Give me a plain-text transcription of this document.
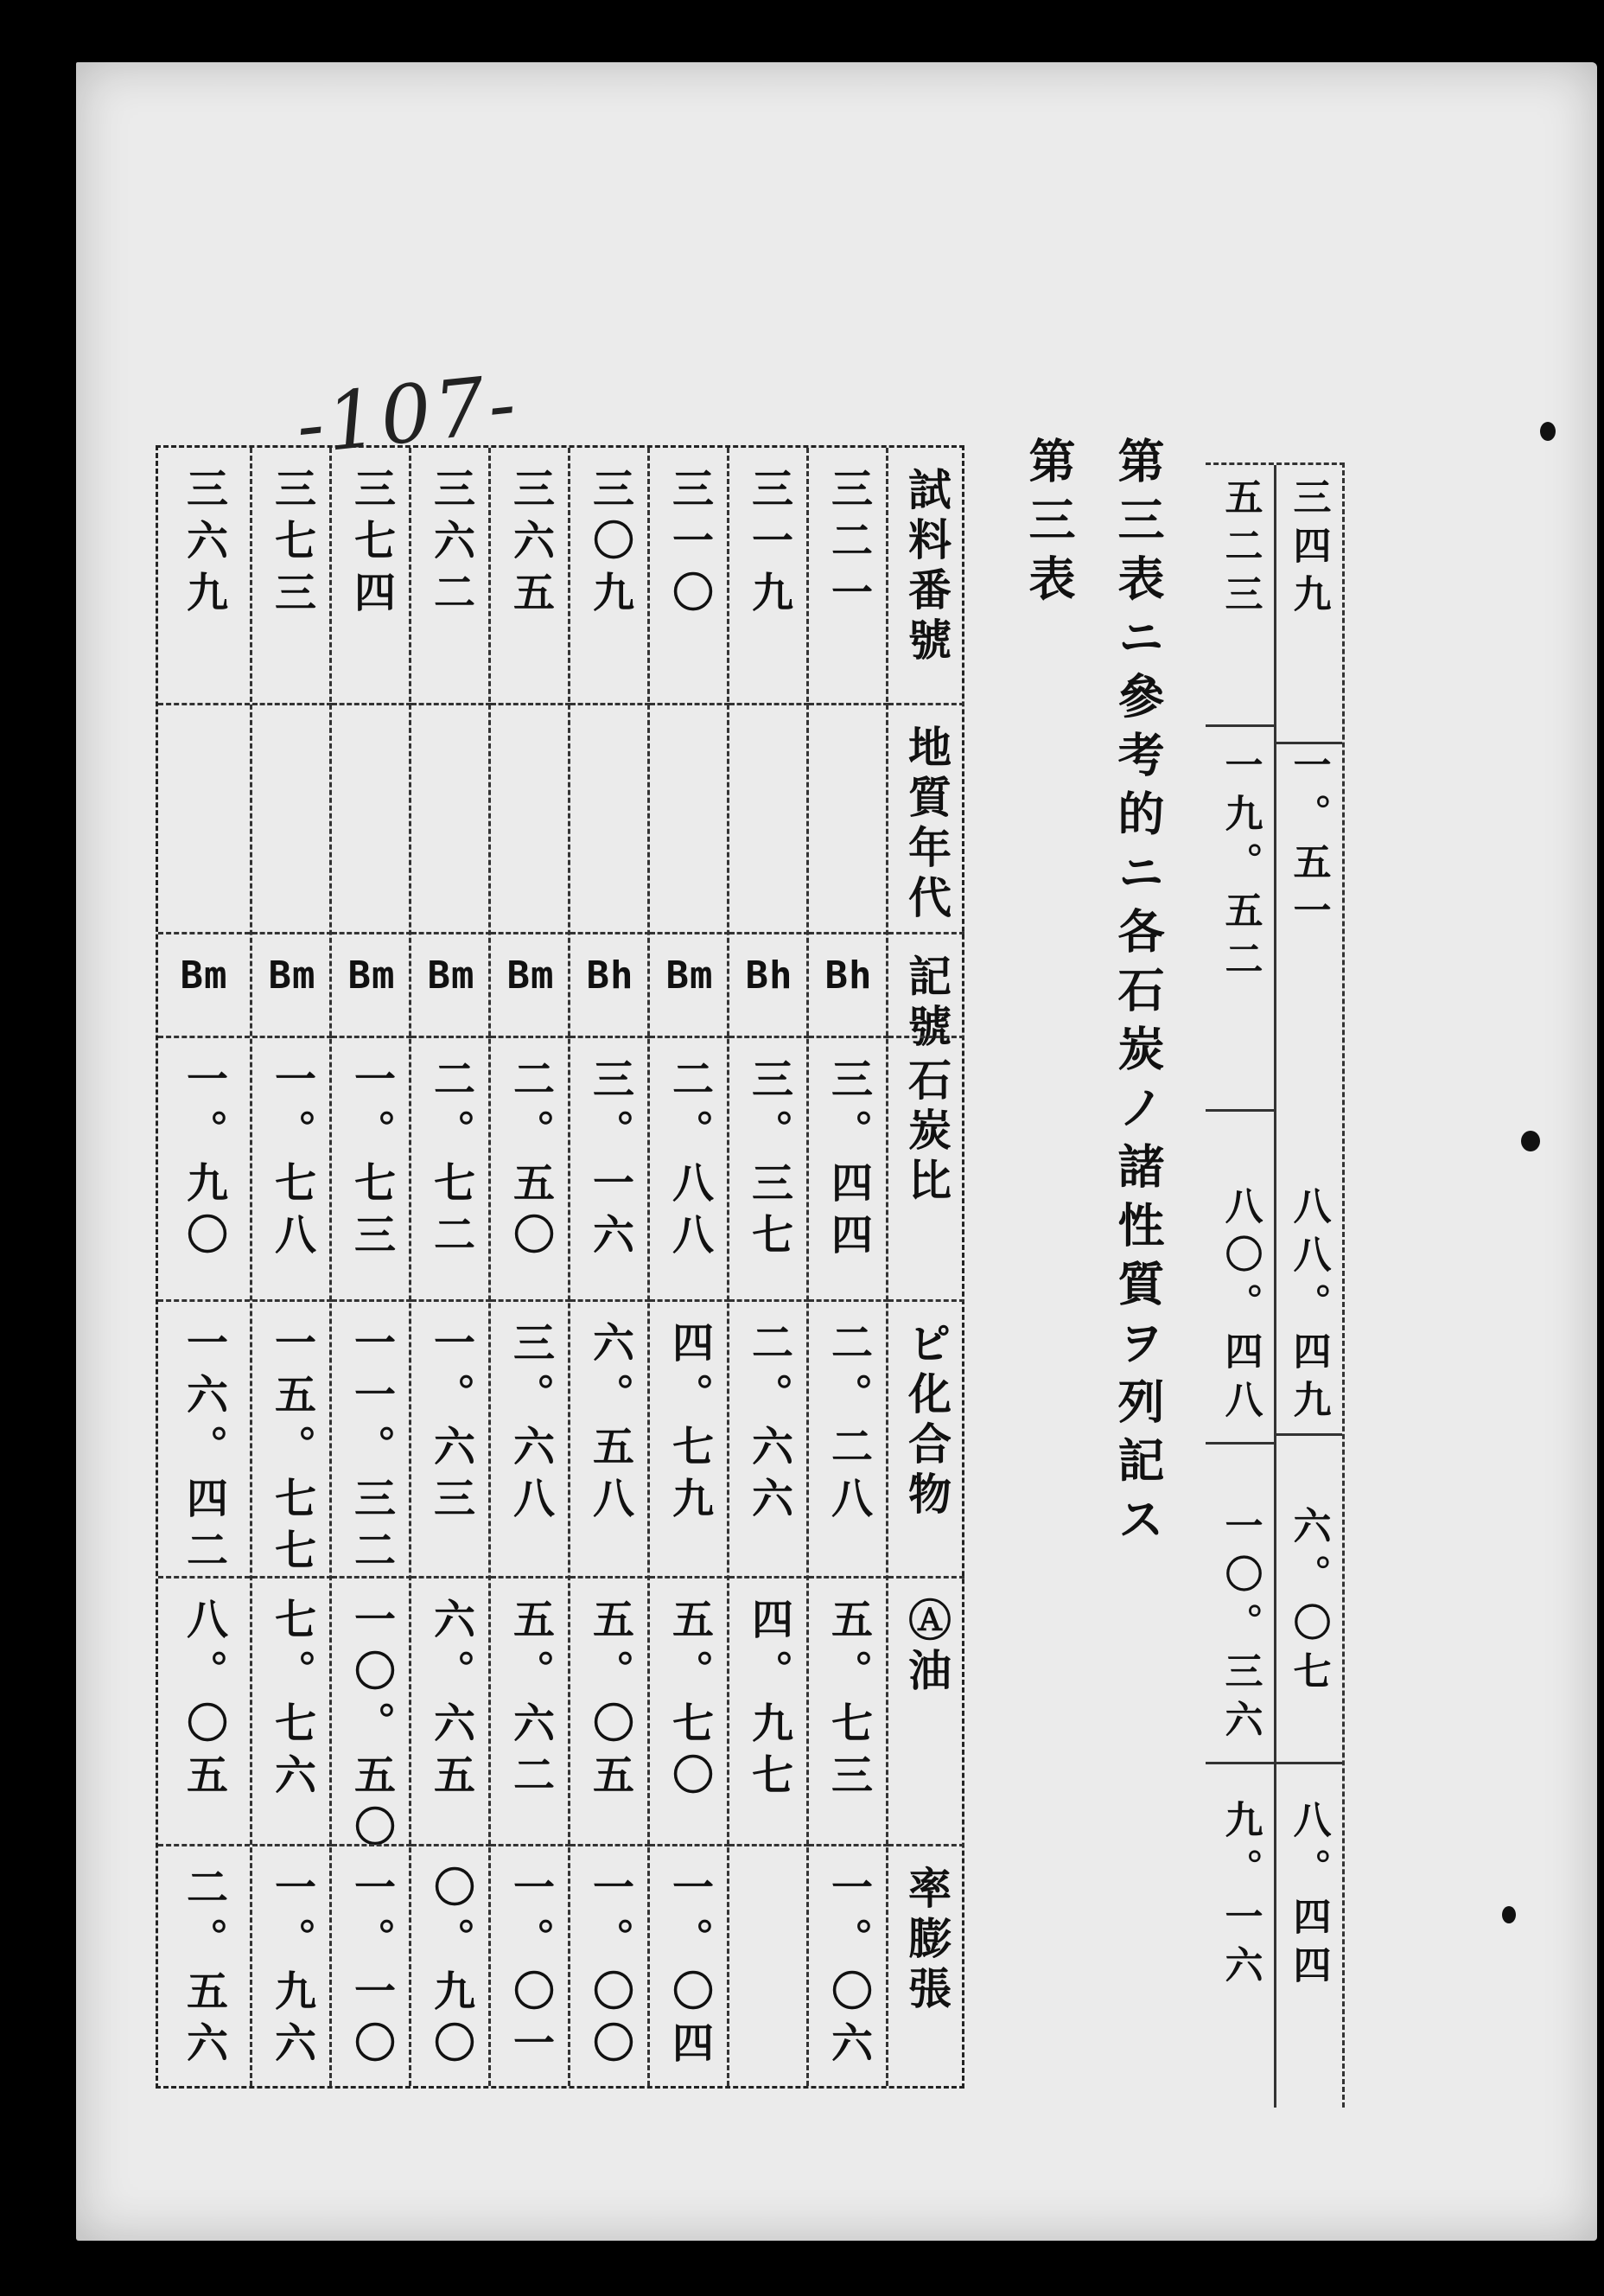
-107-
第三表ニ參考的ニ各石炭ノ諸性質ヲ列記ス
第三表	三四九
一。五一
八八。四九
六。〇七
八。四四
五二三
一九。五二
八〇。四八
一〇。三六
九。一六
試料番號
地質年代
記號
石炭比
ピ化合物
Ⓐ油
率膨張
三二一
Bh
三。四四
二。二八
五。七三
一。〇六
三一九
Bh
三。三七
二。六六
四。九七
三一〇
Bm
二。八八
四。七九
五。七〇
一。〇四
三〇九
Bh
三。一六
六。五八
五。〇五
一。〇〇
三六五
Bm
二。五〇
三。六八
五。六二
一。〇一
三六二
Bm
二。七二
一。六三
六。六五
〇。九〇
三七四
Bm
一。七三
一一。三二
一〇。五〇
一。一〇
三七三
Bm
一。七八
一五。七七
七。七六
一。九六
三六九
Bm
一。九〇
一六。四二
八。〇五
二。五六
